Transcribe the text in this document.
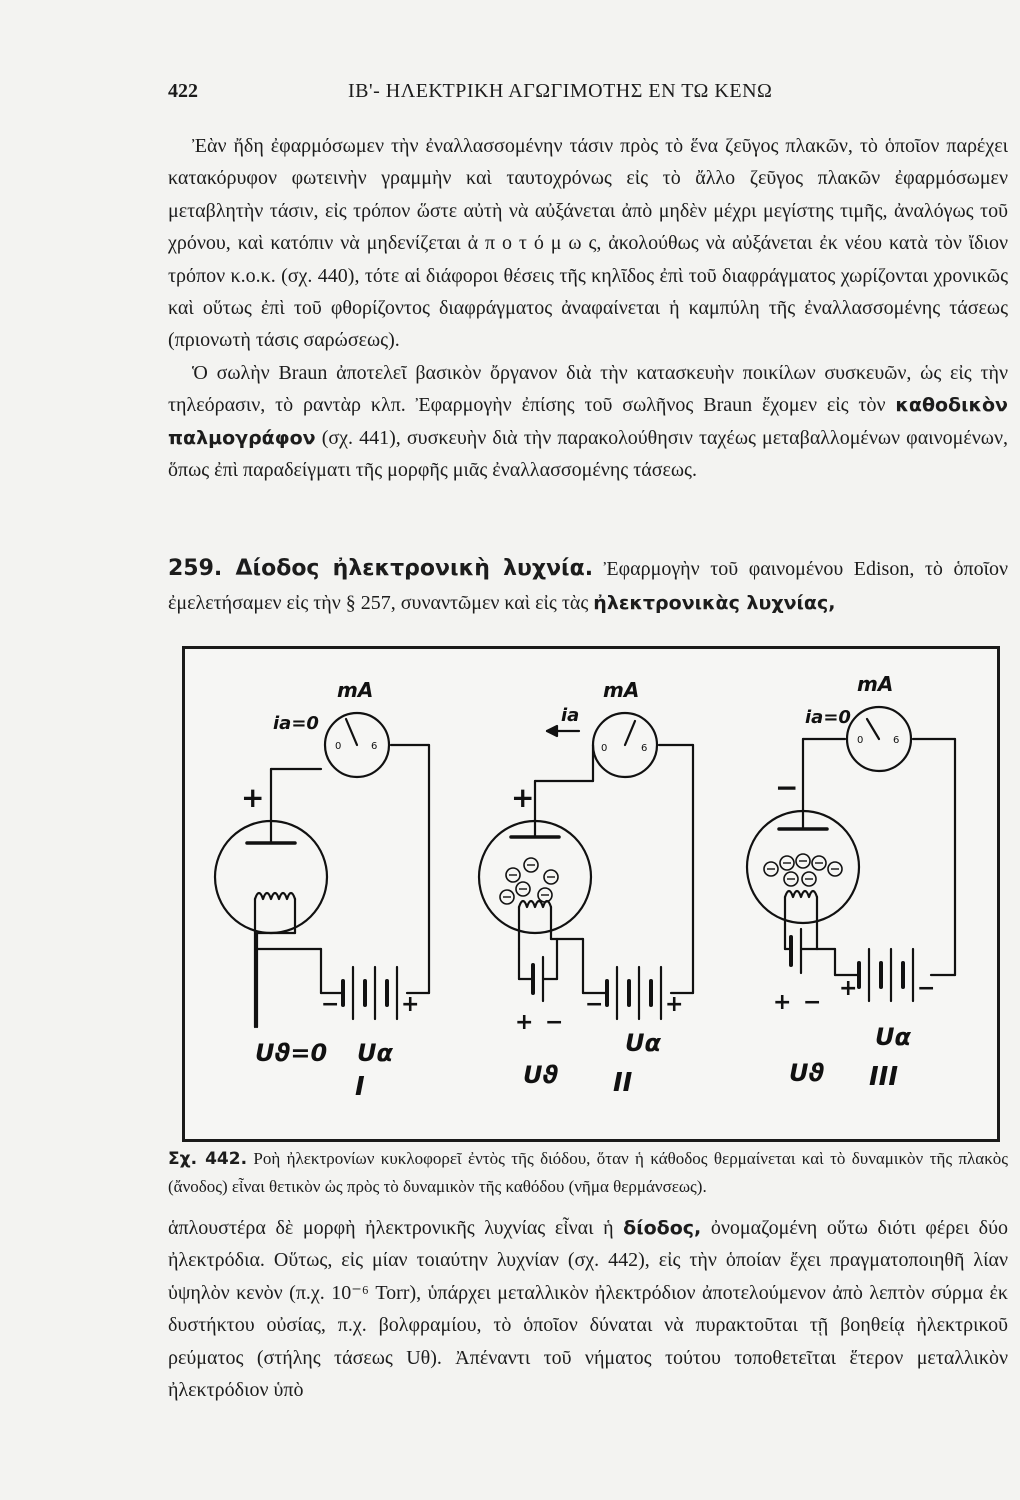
422	ΙΒ'- ΗΛΕΚΤΡΙΚΗ ΑΓΩΓΙΜΟΤΗΣ ΕΝ ΤΩ ΚΕΝΩ

Ἐὰν ἤδη ἐφαρμόσωμεν τὴν ἐναλλασσομένην τάσιν πρὸς τὸ ἕνα ζεῦγος πλακῶν, τὸ ὁποῖον παρέχει κατακόρυφον φωτεινὴν γραμμὴν καὶ ταυτοχρόνως εἰς τὸ ἄλλο ζεῦγος πλακῶν ἐφαρμόσωμεν μεταβλητὴν τάσιν, εἰς τρόπον ὥστε αὐτὴ νὰ αὐξάνεται ἀπὸ μηδὲν μέχρι μεγίστης τιμῆς, ἀναλόγως τοῦ χρόνου, καὶ κατόπιν νὰ μηδενίζεται ἀ π ο τ ό μ ω ς, ἀκολούθως νὰ αὐξάνεται ἐκ νέου κατὰ τὸν ἴδιον τρόπον κ.ο.κ. (σχ. 440), τότε αἱ διάφοροι θέσεις τῆς κηλῖδος ἐπὶ τοῦ διαφράγματος χωρίζονται χρονικῶς καὶ οὕτως ἐπὶ τοῦ φθορίζοντος διαφράγματος ἀναφαίνεται ἡ καμπύλη τῆς ἐναλλασσομένης τάσεως (πριονωτὴ τάσις σαρώσεως).

Ὁ σωλὴν Braun ἀποτελεῖ βασικὸν ὄργανον διὰ τὴν κατασκευὴν ποικίλων συσκευῶν, ὡς εἰς τὴν τηλεόρασιν, τὸ ραντὰρ κλπ. Ἐφαρμογὴν ἐπίσης τοῦ σωλῆνος Braun ἔχομεν εἰς τὸν καθοδικὸν παλμογράφον (σχ. 441), συσκευὴν διὰ τὴν παρακολούθησιν ταχέως μεταβαλλομένων φαινομένων, ὅπως ἐπὶ παραδείγματι τῆς μορφῆς μιᾶς ἐναλλασσομένης τάσεως.

259. Δίοδος ἠλεκτρονικὴ λυχνία. Ἐφαρμογὴν τοῦ φαινομένου Edison, τὸ ὁποῖον ἐμελετήσαμεν εἰς τὴν § 257, συναντῶμεν καὶ εἰς τὰς ἠλεκτρονικὰς λυχνίας,
0	6	0	6
0	6
mA	mA	mA
ia=0	ia	ia=0
+	+	−
−	+	−	+
+ −
+	−
+ −
Uϑ=0 Uα
Uϑ
Uα
Uϑ
Uα
I	II	III
Σχ. 442. Ροὴ ἠλεκτρονίων κυκλοφορεῖ ἐντὸς τῆς διόδου, ὅταν ἡ κάθοδος θερμαίνεται καὶ τὸ δυναμικὸν τῆς πλακὸς (ἄνοδος) εἶναι θετικὸν ὡς πρὸς τὸ δυναμικὸν τῆς καθόδου (νῆμα θερμάνσεως).

ἁπλουστέρα δὲ μορφὴ ἠλεκτρονικῆς λυχνίας εἶναι ἡ δίοδος, ὀνομαζομένη οὕτω διότι φέρει δύο ἠλεκτρόδια. Οὕτως, εἰς μίαν τοιαύτην λυχνίαν (σχ. 442), εἰς τὴν ὁποίαν ἔχει πραγματοποιηθῆ λίαν ὑψηλὸν κενὸν (π.χ. 10⁻⁶ Torr), ὑπάρχει μεταλλικὸν ἠλεκτρόδιον ἀποτελούμενον ἀπὸ λεπτὸν σύρμα ἐκ δυστήκτου οὐσίας, π.χ. βολφραμίου, τὸ ὁποῖον δύναται νὰ πυρακτοῦται τῇ βοηθείᾳ ἠλεκτρικοῦ ρεύματος (στήλης τάσεως Uθ). Ἀπέναντι τοῦ νήματος τούτου τοποθετεῖται ἕτερον μεταλλικὸν ἠλεκτρόδιον ὑπὸ
